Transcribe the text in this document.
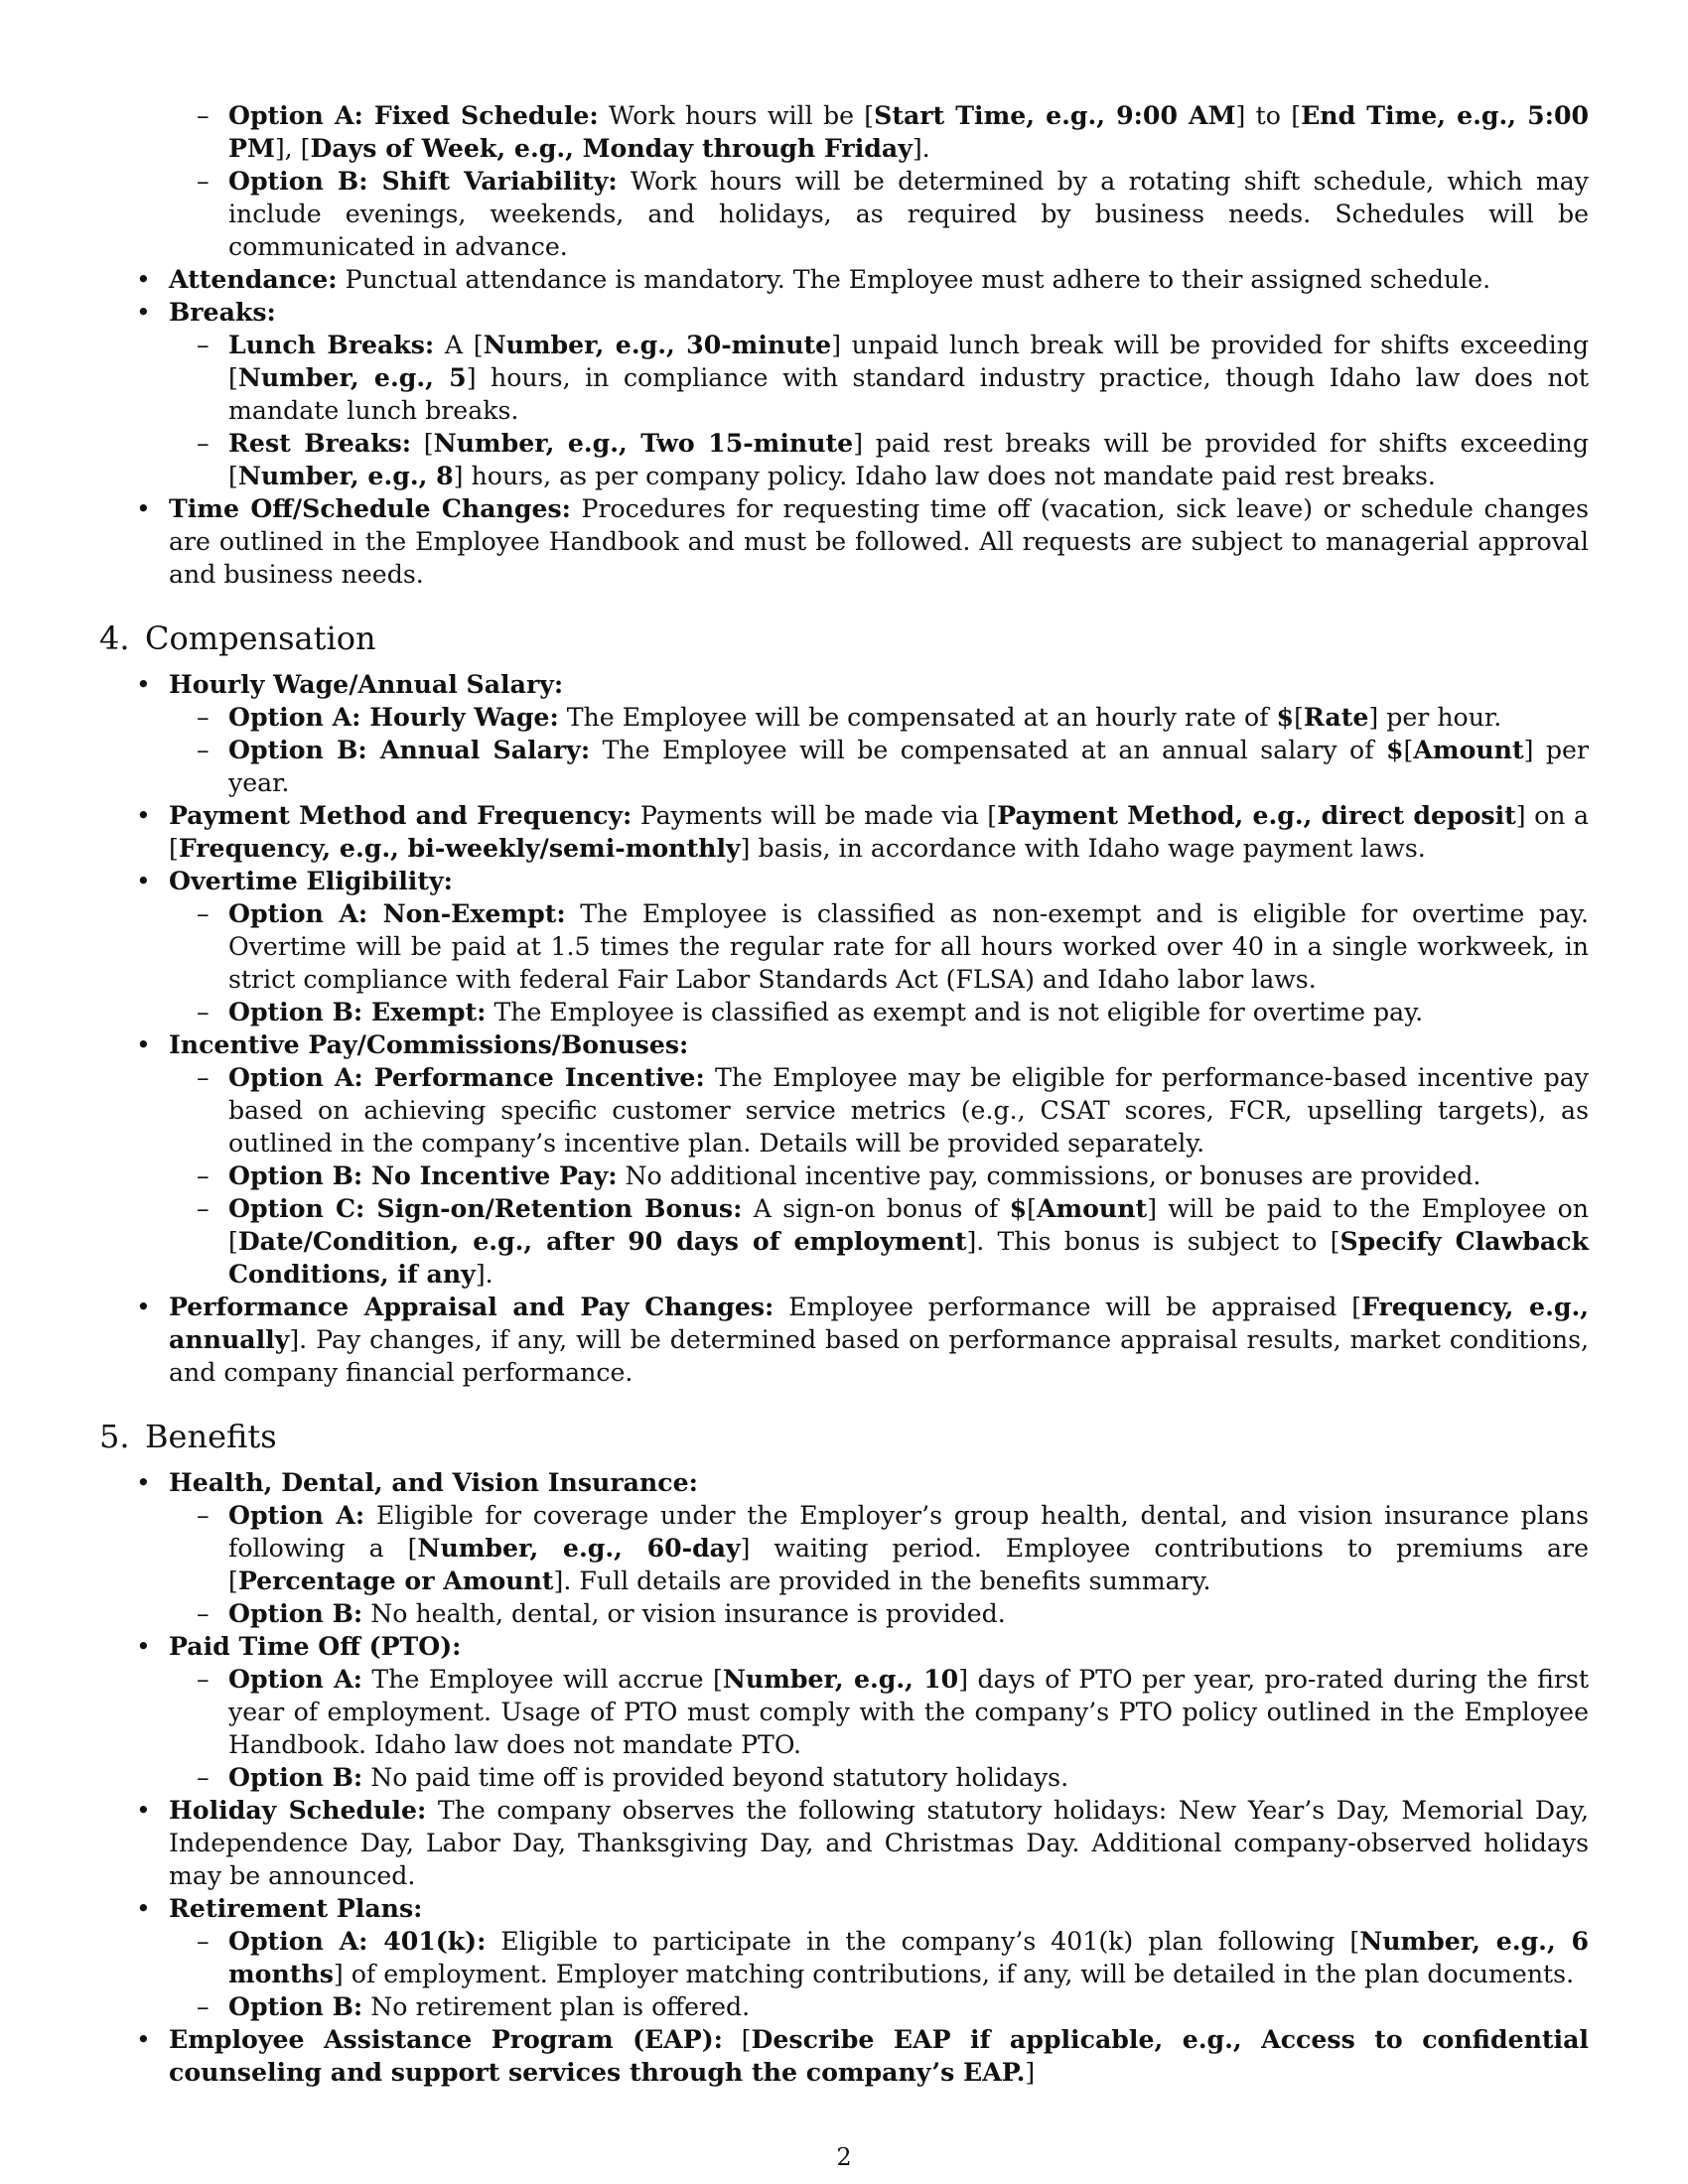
– Option A: Fixed Schedule: Work hours will be [Start Time, e.g., 9:00 AM] to [End Time, e.g., 5:00 PM], [Days of Week, e.g., Monday through Friday].
– Option B: Shift Variability: Work hours will be determined by a rotating shift schedule, which may include evenings, weekends, and holidays, as required by business needs. Schedules will be communicated in advance.
• Attendance: Punctual attendance is mandatory. The Employee must adhere to their assigned schedule.
• Breaks:
– Lunch Breaks: A [Number, e.g., 30-minute] unpaid lunch break will be provided for shifts exceeding [Number, e.g., 5] hours, in compliance with standard industry practice, though Idaho law does not mandate lunch breaks.
– Rest Breaks: [Number, e.g., Two 15-minute] paid rest breaks will be provided for shifts exceeding [Number, e.g., 8] hours, as per company policy. Idaho law does not mandate paid rest breaks.
• Time Off/Schedule Changes: Procedures for requesting time off (vacation, sick leave) or schedule changes are outlined in the Employee Handbook and must be followed. All requests are subject to managerial approval and business needs.
4. Compensation
• Hourly Wage/Annual Salary:
– Option A: Hourly Wage: The Employee will be compensated at an hourly rate of $[Rate] per hour.
– Option B: Annual Salary: The Employee will be compensated at an annual salary of $[Amount] per year.
• Payment Method and Frequency: Payments will be made via [Payment Method, e.g., direct deposit] on a [Frequency, e.g., bi-weekly/semi-monthly] basis, in accordance with Idaho wage payment laws.
• Overtime Eligibility:
– Option A: Non-Exempt: The Employee is classified as non-exempt and is eligible for overtime pay. Overtime will be paid at 1.5 times the regular rate for all hours worked over 40 in a single workweek, in strict compliance with federal Fair Labor Standards Act (FLSA) and Idaho labor laws.
– Option B: Exempt: The Employee is classified as exempt and is not eligible for overtime pay.
• Incentive Pay/Commissions/Bonuses:
– Option A: Performance Incentive: The Employee may be eligible for performance-based incentive pay based on achieving specific customer service metrics (e.g., CSAT scores, FCR, upselling targets), as outlined in the company’s incentive plan. Details will be provided separately.
– Option B: No Incentive Pay: No additional incentive pay, commissions, or bonuses are provided.
– Option C: Sign-on/Retention Bonus: A sign-on bonus of $[Amount] will be paid to the Employee on [Date/Condition, e.g., after 90 days of employment]. This bonus is subject to [Specify Clawback Conditions, if any].
• Performance Appraisal and Pay Changes: Employee performance will be appraised [Frequency, e.g., annually]. Pay changes, if any, will be determined based on performance appraisal results, market conditions, and company financial performance.
5. Benefits
• Health, Dental, and Vision Insurance:
– Option A: Eligible for coverage under the Employer’s group health, dental, and vision insurance plans following a [Number, e.g., 60-day] waiting period. Employee contributions to premiums are [Percentage or Amount]. Full details are provided in the benefits summary.
– Option B: No health, dental, or vision insurance is provided.
• Paid Time Off (PTO):
– Option A: The Employee will accrue [Number, e.g., 10] days of PTO per year, pro-rated during the first year of employment. Usage of PTO must comply with the company’s PTO policy outlined in the Employee Handbook. Idaho law does not mandate PTO.
– Option B: No paid time off is provided beyond statutory holidays.
• Holiday Schedule: The company observes the following statutory holidays: New Year’s Day, Memorial Day, Independence Day, Labor Day, Thanksgiving Day, and Christmas Day. Additional company-observed holidays may be announced.
• Retirement Plans:
– Option A: 401(k): Eligible to participate in the company’s 401(k) plan following [Number, e.g., 6 months] of employment. Employer matching contributions, if any, will be detailed in the plan documents.
– Option B: No retirement plan is offered.
• Employee Assistance Program (EAP): [Describe EAP if applicable, e.g., Access to confidential counseling and support services through the company’s EAP.]
2
